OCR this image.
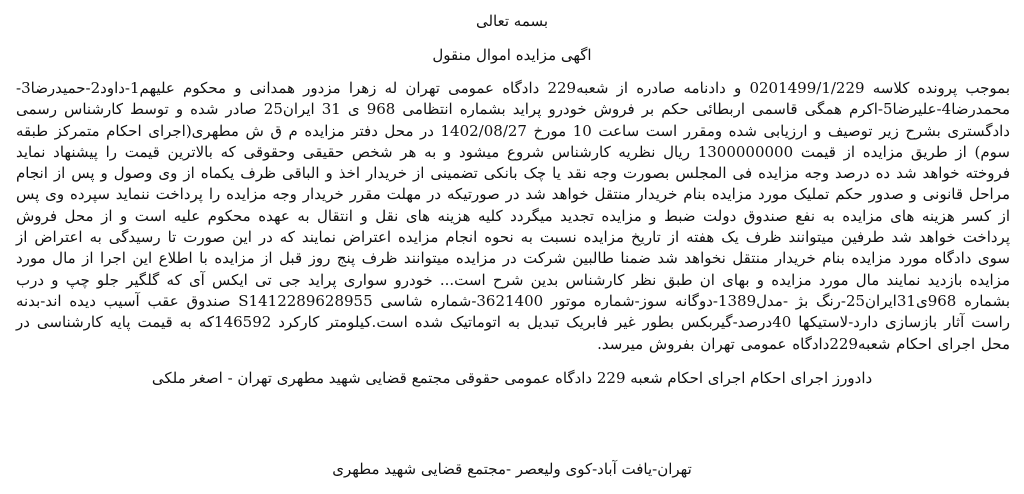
بسمه تعالی
اگهی مزایده اموال منقول
بموجب پرونده کلاسه 0201499/1/229 و دادنامه صادره از شعبه229 دادگاه عمومی تهران له زهرا مزدور همدانی و محکوم علیهم1-داود2-حمیدرضا3-محمدرضا4-علیرضا5-اکرم همگی قاسمی اربطائی حکم بر فروش خودرو پراید بشماره انتظامی 968 ی 31 ایران25 صادر شده و توسط کارشناس رسمی دادگستری بشرح زیر توصیف و ارزیابی شده ومقرر است ساعت 10 مورخ 1402/08/27 در محل دفتر مزایده م ق ش مطهری(اجرای احکام متمرکز طبقه سوم) از طریق مزایده از قیمت 1300000000 ریال نظریه کارشناس شروع میشود و به هر شخص حقیقی وحقوقی که بالاترین قیمت را پیشنهاد نماید فروخته خواهد شد ده درصد وجه مزایده فی المجلس بصورت وجه نقد یا چک بانکی تضمینی از خریدار اخذ و الباقی ظرف یکماه از وی وصول و پس از انجام مراحل قانونی و صدور حکم تملیک مورد مزایده بنام خریدار منتقل خواهد شد در صورتیکه در مهلت مقرر خریدار وجه مزایده را پرداخت ننماید سپرده وی پس از کسر هزینه های مزایده به نفع صندوق دولت ضبط و مزایده تجدید میگردد کلیه هزینه های نقل و انتقال به عهده محکوم علیه است و از محل فروش پرداخت خواهد شد طرفین میتوانند ظرف یک هفته از تاریخ مزایده نسبت به نحوه انجام مزایده اعتراض نمایند که در این صورت تا رسیدگی به اعتراض از سوی دادگاه مورد مزایده بنام خریدار منتقل نخواهد شد ضمنا طالبین شرکت در مزایده میتوانند ظرف پنج روز قبل از مزایده با اطلاع این اجرا از مال مورد مزایده بازدید نمایند مال مورد مزایده و بهای ان طبق نظر کارشناس بدین شرح است... خودرو سواری پراید جی تی ایکس آی که گلگیر جلو چپ و درب بشماره 968ی31ایران25-رنگ بژ -مدل1389-دوگانه سوز-شماره موتور 3621400-شماره شاسی S1412289628955 صندوق عقب آسیب دیده اند-بدنه راست آثار بازسازی دارد-لاستیکها 40درصد-گیربکس بطور غیر فابریک تبدیل به اتوماتیک شده است.کیلومتر کارکرد 146592که به قیمت پایه کارشناسی در محل اجرای احکام شعبه229دادگاه عمومی تهران بفروش میرسد.
دادورز اجرای احکام اجرای احکام شعبه 229 دادگاه عمومی حقوقی مجتمع قضایی شهید مطهری تهران - اصغر ملکی
تهران-یافت آباد-کوی ولیعصر -مجتمع قضایی شهید مطهری
